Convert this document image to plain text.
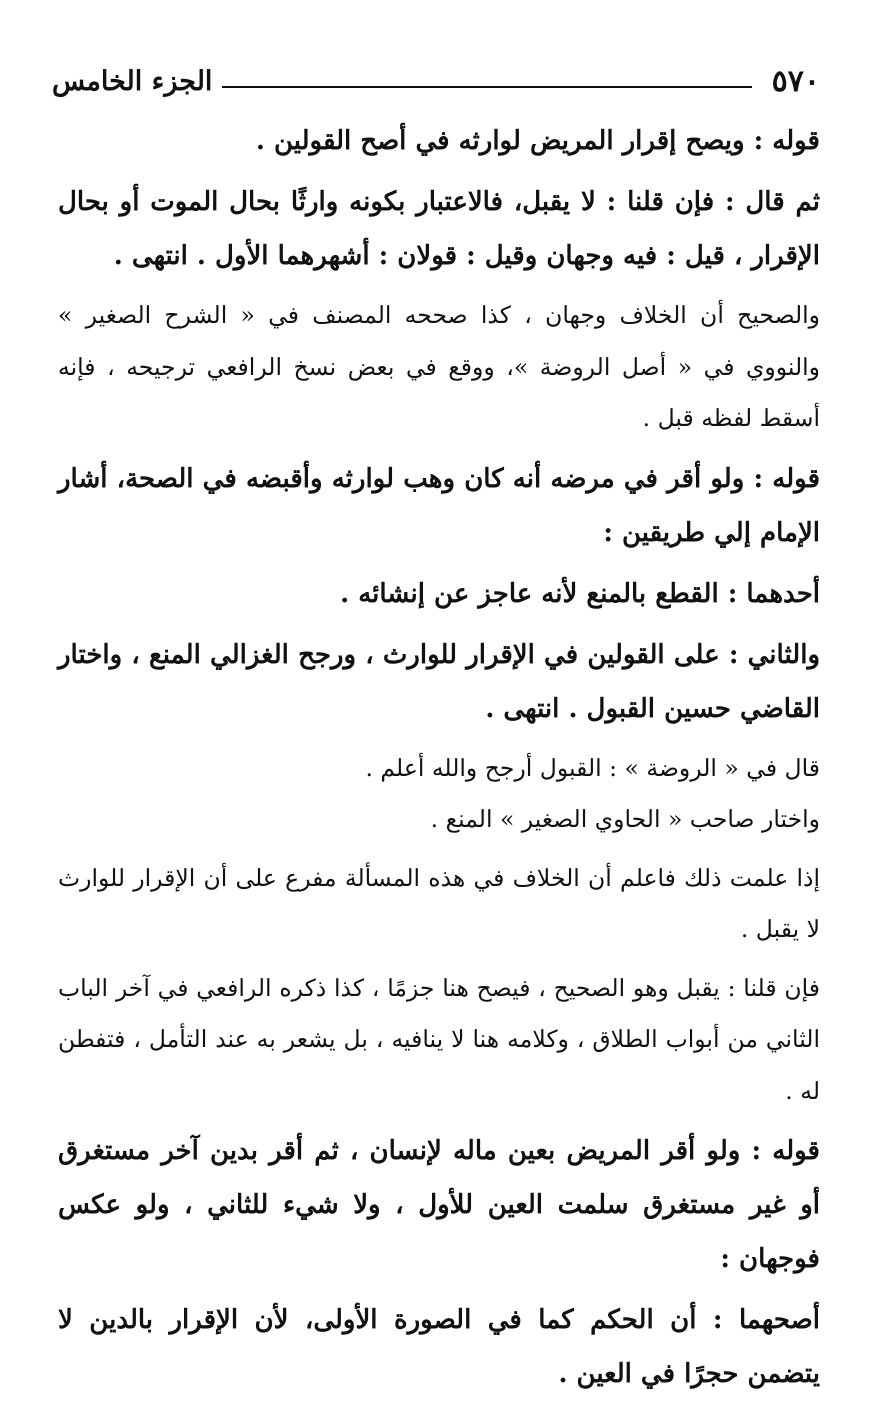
٥٧٠
الجزء الخامس

قوله : ويصح إقرار المريض لوارثه في أصح القولين .

ثم قال : فإن قلنا : لا يقبل، فالاعتبار بكونه وارثًا بحال الموت أو بحال الإقرار ، قيل : فيه وجهان وقيل : قولان : أشهرهما الأول . انتهى .

والصحيح أن الخلاف وجهان ، كذا صححه المصنف في « الشرح الصغير » والنووي في « أصل الروضة »، ووقع في بعض نسخ الرافعي ترجيحه ، فإنه أسقط لفظه قبل .

قوله : ولو أقر في مرضه أنه كان وهب لوارثه وأقبضه في الصحة، أشار الإمام إلي طريقين :

أحدهما : القطع بالمنع لأنه عاجز عن إنشائه .

والثاني : على القولين في الإقرار للوارث ، ورجح الغزالي المنع ، واختار القاضي حسين القبول . انتهى .

قال في « الروضة » : القبول أرجح والله أعلم .

واختار صاحب « الحاوي الصغير » المنع .

إذا علمت ذلك فاعلم أن الخلاف في هذه المسألة مفرع على أن الإقرار للوارث لا يقبل .

فإن قلنا : يقبل وهو الصحيح ، فيصح هنا جزمًا ، كذا ذكره الرافعي في آخر الباب الثاني من أبواب الطلاق ، وكلامه هنا لا ينافيه ، بل يشعر به عند التأمل ، فتفطن له .

قوله : ولو أقر المريض بعين ماله لإنسان ، ثم أقر بدين آخر مستغرق أو غير مستغرق سلمت العين للأول ، ولا شيء للثاني ، ولو عكس فوجهان :

أصحهما : أن الحكم كما في الصورة الأولى، لأن الإقرار بالدين لا يتضمن حجرًا في العين .
